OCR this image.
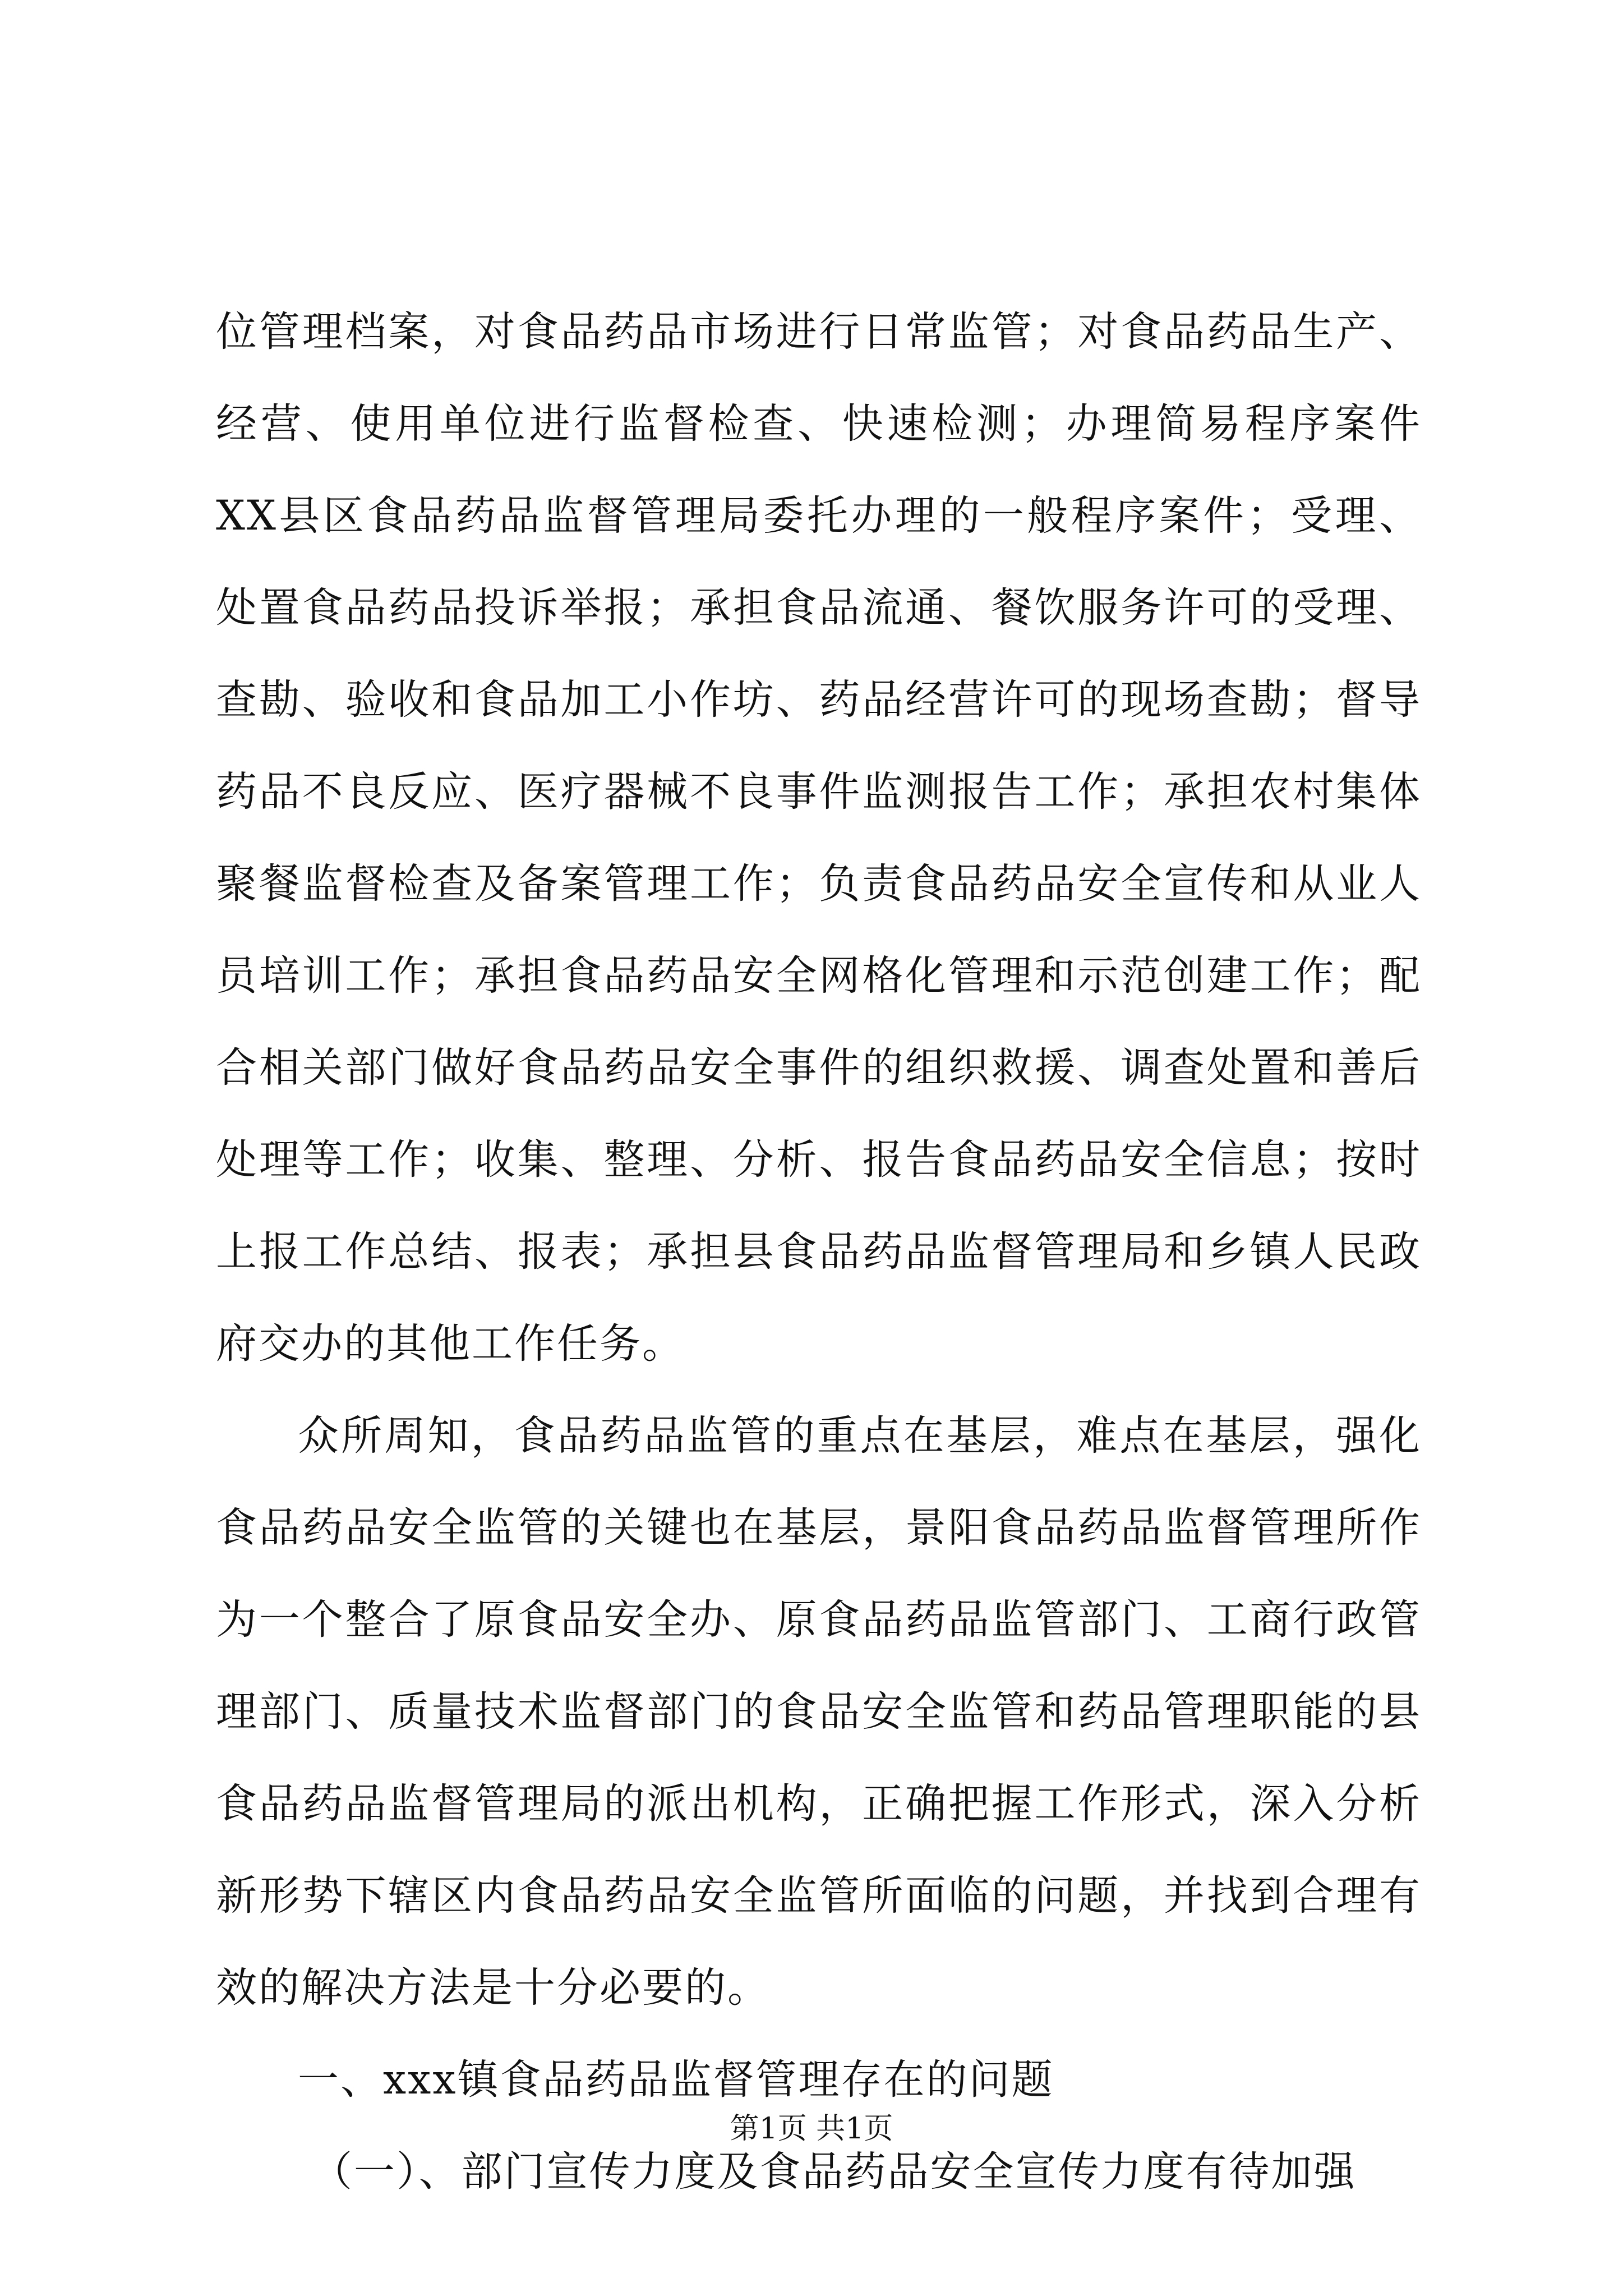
位管理档案，对食品药品市场进行日常监管；对食品药品生产、经营、使用单位进行监督检查、快速检测；办理简易程序案件XX县区食品药品监督管理局委托办理的一般程序案件；受理、处置食品药品投诉举报；承担食品流通、餐饮服务许可的受理、查勘、验收和食品加工小作坊、药品经营许可的现场查勘；督导药品不良反应、医疗器械不良事件监测报告工作；承担农村集体聚餐监督检查及备案管理工作；负责食品药品安全宣传和从业人员培训工作；承担食品药品安全网格化管理和示范创建工作；配合相关部门做好食品药品安全事件的组织救援、调查处置和善后处理等工作；收集、整理、分析、报告食品药品安全信息；按时上报工作总结、报表；承担县食品药品监督管理局和乡镇人民政府交办的其他工作任务。

众所周知，食品药品监管的重点在基层，难点在基层，强化食品药品安全监管的关键也在基层，景阳食品药品监督管理所作为一个整合了原食品安全办、原食品药品监管部门、工商行政管理部门、质量技术监督部门的食品安全监管和药品管理职能的县食品药品监督管理局的派出机构，正确把握工作形式，深入分析新形势下辖区内食品药品安全监管所面临的问题，并找到合理有效的解决方法是十分必要的。

一、xxx镇食品药品监督管理存在的问题

（一）、部门宣传力度及食品药品安全宣传力度有待加强

第1页 共1页
